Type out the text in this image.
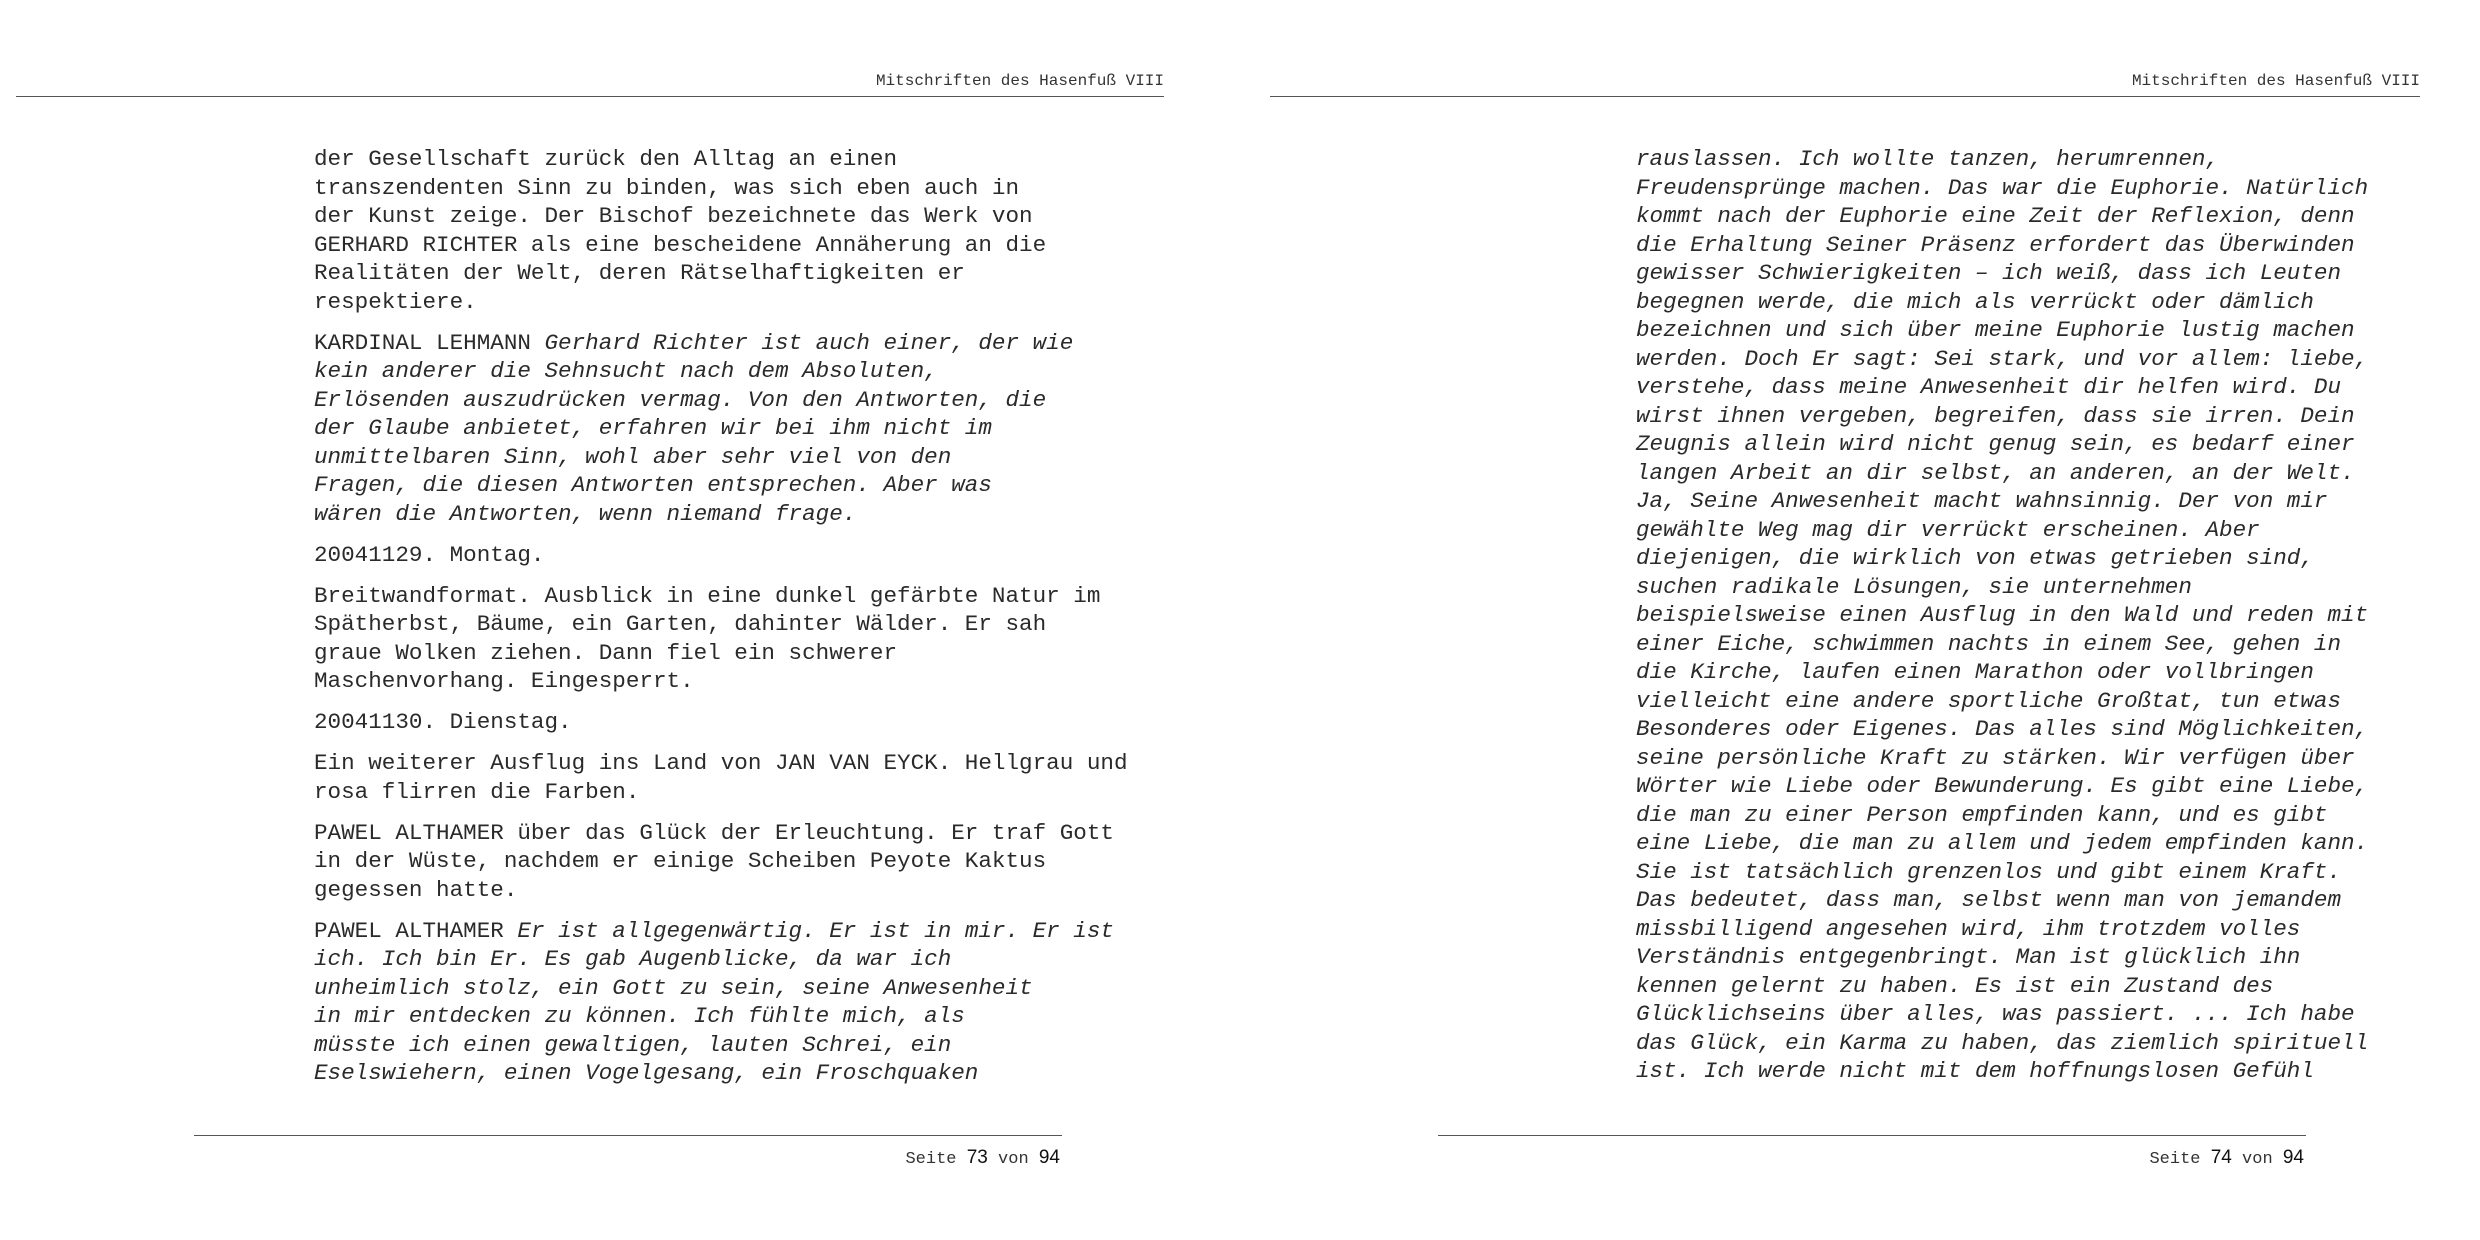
Mitschriften des Hasenfuß VIII
der Gesellschaft zurück den Alltag an einen
transzendenten Sinn zu binden, was sich eben auch in
der Kunst zeige. Der Bischof bezeichnete das Werk von
GERHARD RICHTER als eine bescheidene Annäherung an die
Realitäten der Welt, deren Rätselhaftigkeiten er
respektiere.
KARDINAL LEHMANN Gerhard Richter ist auch einer, der wie
kein anderer die Sehnsucht nach dem Absoluten,
Erlösenden auszudrücken vermag. Von den Antworten, die
der Glaube anbietet, erfahren wir bei ihm nicht im
unmittelbaren Sinn, wohl aber sehr viel von den
Fragen, die diesen Antworten entsprechen. Aber was
wären die Antworten, wenn niemand frage.
20041129. Montag.
Breitwandformat. Ausblick in eine dunkel gefärbte Natur im
Spätherbst, Bäume, ein Garten, dahinter Wälder. Er sah
graue Wolken ziehen. Dann fiel ein schwerer
Maschenvorhang. Eingesperrt.
20041130. Dienstag.
Ein weiterer Ausflug ins Land von JAN VAN EYCK. Hellgrau und
rosa flirren die Farben.
PAWEL ALTHAMER über das Glück der Erleuchtung. Er traf Gott
in der Wüste, nachdem er einige Scheiben Peyote Kaktus
gegessen hatte.
PAWEL ALTHAMER Er ist allgegenwärtig. Er ist in mir. Er ist
ich. Ich bin Er. Es gab Augenblicke, da war ich
unheimlich stolz, ein Gott zu sein, seine Anwesenheit
in mir entdecken zu können. Ich fühlte mich, als
müsste ich einen gewaltigen, lauten Schrei, ein
Eselswiehern, einen Vogelgesang, ein Froschquaken
Seite 73 von 94
Mitschriften des Hasenfuß VIII
rauslassen. Ich wollte tanzen, herumrennen,
Freudensprünge machen. Das war die Euphorie. Natürlich
kommt nach der Euphorie eine Zeit der Reflexion, denn
die Erhaltung Seiner Präsenz erfordert das Überwinden
gewisser Schwierigkeiten – ich weiß, dass ich Leuten
begegnen werde, die mich als verrückt oder dämlich
bezeichnen und sich über meine Euphorie lustig machen
werden. Doch Er sagt: Sei stark, und vor allem: liebe,
verstehe, dass meine Anwesenheit dir helfen wird. Du
wirst ihnen vergeben, begreifen, dass sie irren. Dein
Zeugnis allein wird nicht genug sein, es bedarf einer
langen Arbeit an dir selbst, an anderen, an der Welt.
Ja, Seine Anwesenheit macht wahnsinnig. Der von mir
gewählte Weg mag dir verrückt erscheinen. Aber
diejenigen, die wirklich von etwas getrieben sind,
suchen radikale Lösungen, sie unternehmen
beispielsweise einen Ausflug in den Wald und reden mit
einer Eiche, schwimmen nachts in einem See, gehen in
die Kirche, laufen einen Marathon oder vollbringen
vielleicht eine andere sportliche Großtat, tun etwas
Besonderes oder Eigenes. Das alles sind Möglichkeiten,
seine persönliche Kraft zu stärken. Wir verfügen über
Wörter wie Liebe oder Bewunderung. Es gibt eine Liebe,
die man zu einer Person empfinden kann, und es gibt
eine Liebe, die man zu allem und jedem empfinden kann.
Sie ist tatsächlich grenzenlos und gibt einem Kraft.
Das bedeutet, dass man, selbst wenn man von jemandem
missbilligend angesehen wird, ihm trotzdem volles
Verständnis entgegenbringt. Man ist glücklich ihn
kennen gelernt zu haben. Es ist ein Zustand des
Glücklichseins über alles, was passiert. ... Ich habe
das Glück, ein Karma zu haben, das ziemlich spirituell
ist. Ich werde nicht mit dem hoffnungslosen Gefühl
Seite 74 von 94
